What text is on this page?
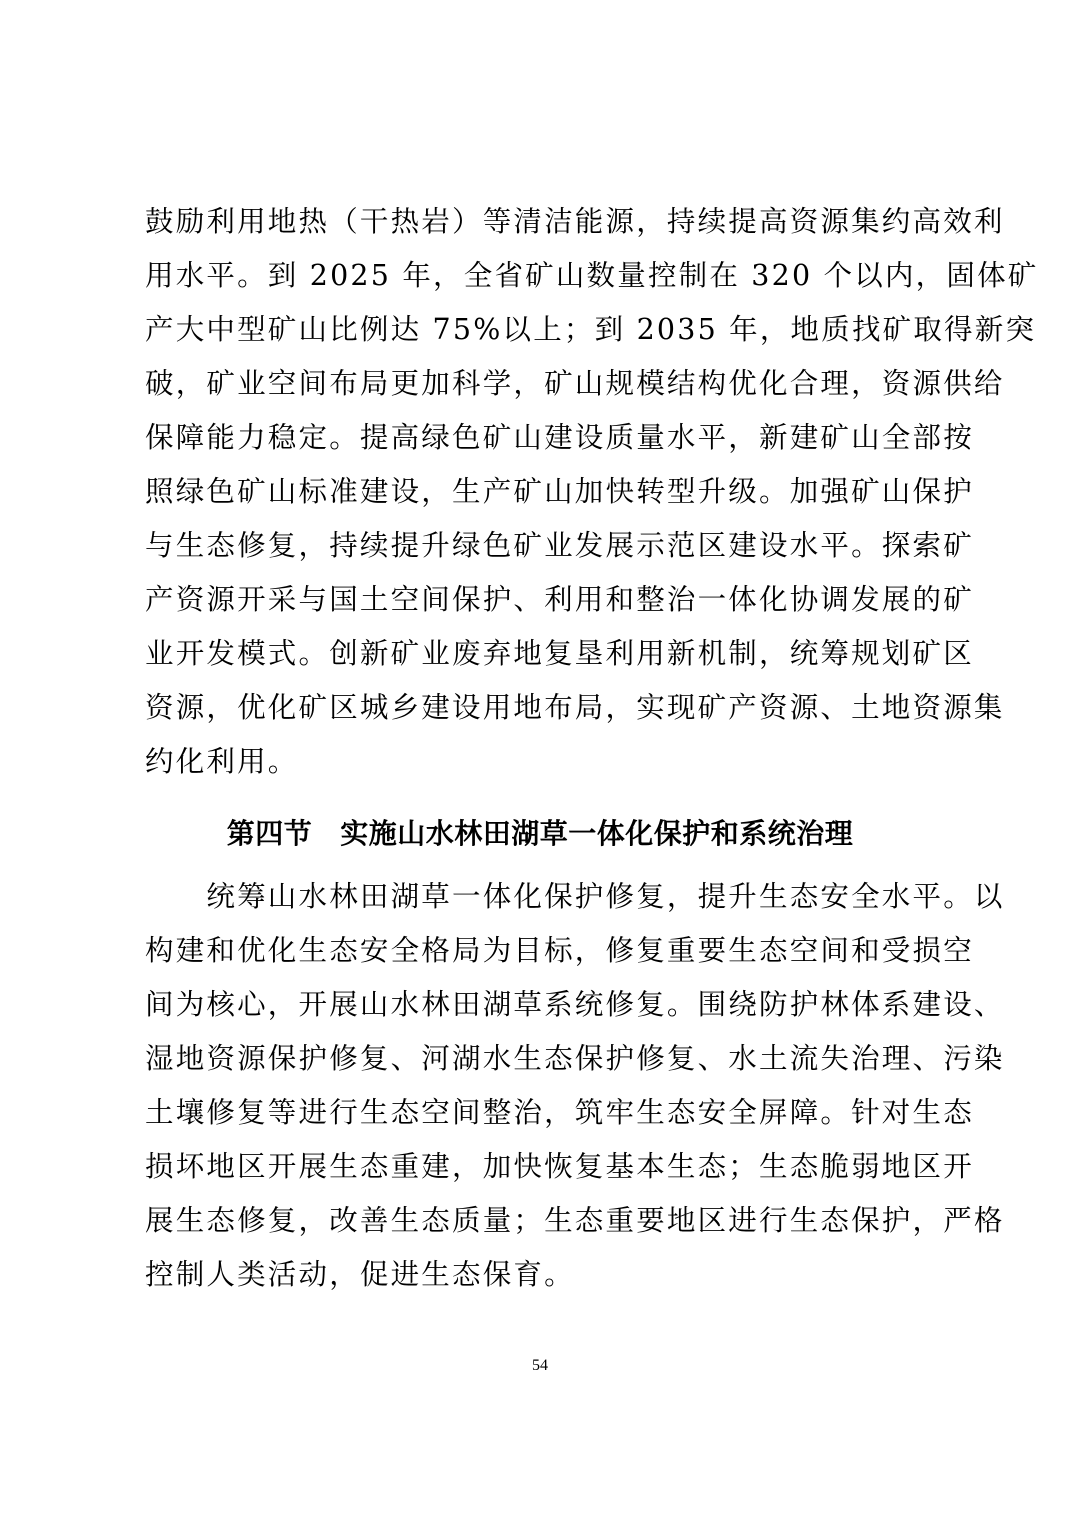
鼓励利用地热（干热岩）等清洁能源，持续提高资源集约高效利
用水平。到 2025 年，全省矿山数量控制在 320 个以内，固体矿
产大中型矿山比例达 75%以上；到 2035 年，地质找矿取得新突
破，矿业空间布局更加科学，矿山规模结构优化合理，资源供给
保障能力稳定。提高绿色矿山建设质量水平，新建矿山全部按
照绿色矿山标准建设，生产矿山加快转型升级。加强矿山保护
与生态修复，持续提升绿色矿业发展示范区建设水平。探索矿
产资源开采与国土空间保护、利用和整治一体化协调发展的矿
业开发模式。创新矿业废弃地复垦利用新机制，统筹规划矿区
资源，优化矿区城乡建设用地布局，实现矿产资源、土地资源集
约化利用。
第四节 实施山水林田湖草一体化保护和系统治理
　　统筹山水林田湖草一体化保护修复，提升生态安全水平。以
构建和优化生态安全格局为目标，修复重要生态空间和受损空
间为核心，开展山水林田湖草系统修复。围绕防护林体系建设、
湿地资源保护修复、河湖水生态保护修复、水土流失治理、污染
土壤修复等进行生态空间整治，筑牢生态安全屏障。针对生态
损坏地区开展生态重建，加快恢复基本生态；生态脆弱地区开
展生态修复，改善生态质量；生态重要地区进行生态保护，严格
控制人类活动，促进生态保育。
54
